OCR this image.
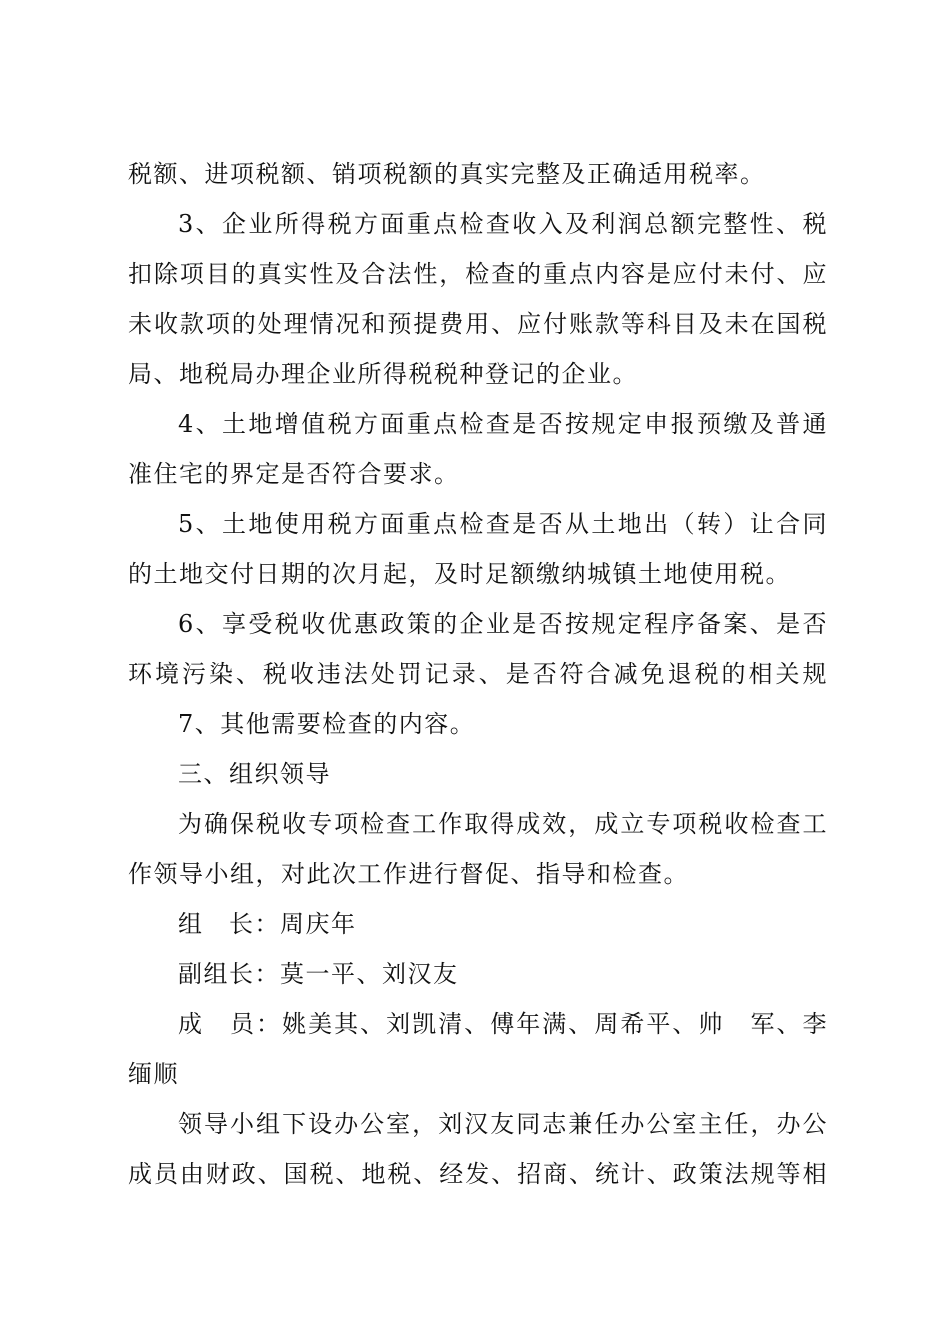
税额、进项税额、销项税额的真实完整及正确适用税率。
3、企业所得税方面重点检查收入及利润总额完整性、税
扣除项目的真实性及合法性，检查的重点内容是应付未付、应
未收款项的处理情况和预提费用、应付账款等科目及未在国税
局、地税局办理企业所得税税种登记的企业。
4、土地增值税方面重点检查是否按规定申报预缴及普通
准住宅的界定是否符合要求。
5、土地使用税方面重点检查是否从土地出（转）让合同
的土地交付日期的次月起，及时足额缴纳城镇土地使用税。
6、享受税收优惠政策的企业是否按规定程序备案、是否
环境污染、税收违法处罚记录、是否符合减免退税的相关规
7、其他需要检查的内容。
三、组织领导
为确保税收专项检查工作取得成效，成立专项税收检查工
作领导小组，对此次工作进行督促、指导和检查。
组　长：周庆年
副组长：莫一平、刘汉友
成　员：姚美其、刘凯清、傅年满、周希平、帅　军、李　
缅顺
领导小组下设办公室，刘汉友同志兼任办公室主任，办公
成员由财政、国税、地税、经发、招商、统计、政策法规等相
